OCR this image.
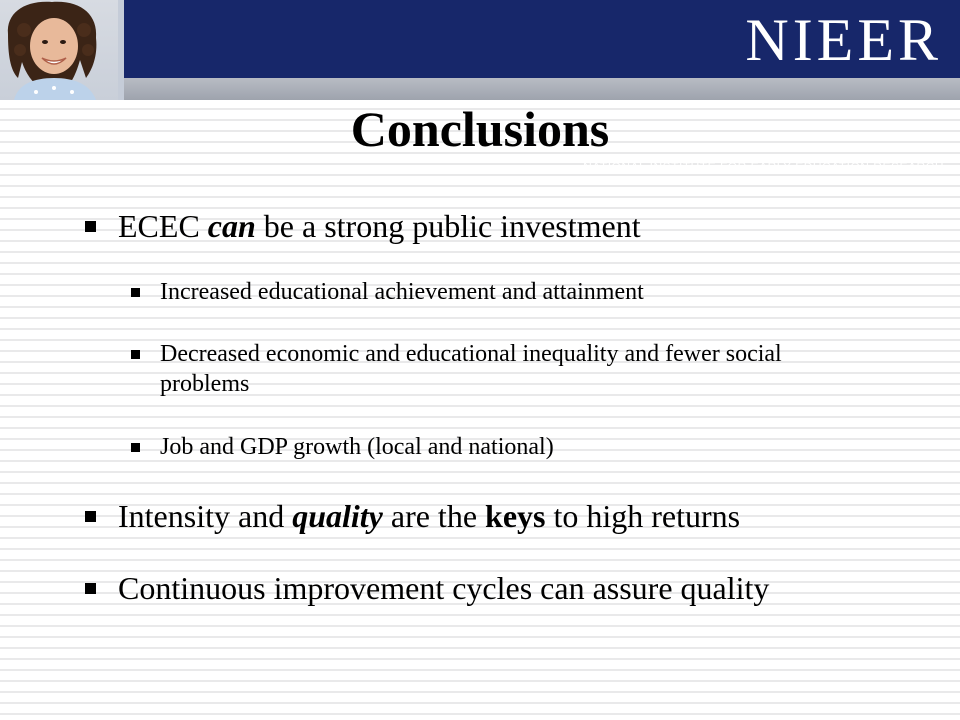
NIEER
NATIONAL INSTITUTE FOR EARLY EDUCATION RESEARCH
Conclusions
ECEC can be a strong public investment
Increased educational achievement and attainment
Decreased economic and educational inequality and fewer social problems
Job and GDP growth (local and national)
Intensity and quality are the keys to high returns
Continuous improvement cycles can assure quality
